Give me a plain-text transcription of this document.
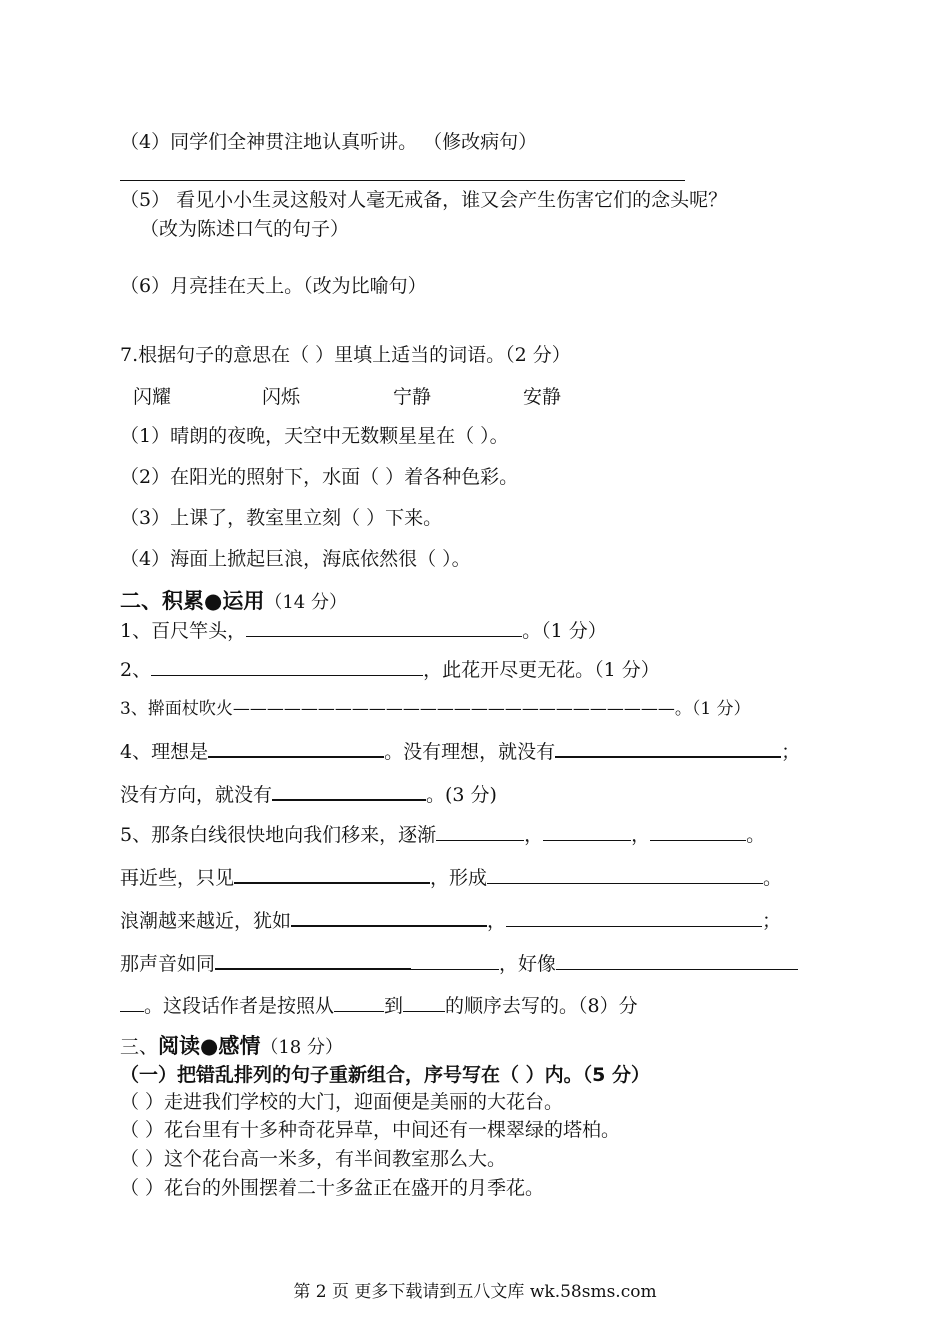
（4）同学们全神贯注地认真听讲。 （修改病句）
（5） 看见小小生灵这般对人毫无戒备，谁又会产生伤害它们的念头呢？
（改为陈述口气的句子）
（6）月亮挂在天上。（改为比喻句）
7.根据句子的意思在（ ）里填上适当的词语。（2 分）
闪耀	闪烁	宁静	安静
（1）晴朗的夜晚，天空中无数颗星星在（ ）。
（2）在阳光的照射下，水面（ ）着各种色彩。
（3）上课了，教室里立刻（ ）下来。
（4）海面上掀起巨浪，海底依然很（ ）。
二、积累●运用（14 分）
1、百尺竿头，	。（1 分）
2、	，此花开尽更无花。（1 分）
3、擀面杖吹火——————————————————————————。（1 分）
4、理想是	。没有理想，就没有	；
没有方向，就没有	。(3 分)
5、那条白线很快地向我们移来，逐渐	，	，	。
再近些，只见	，形成	。
浪潮越来越近，犹如	，	；
那声音如同	，好像
。这段话作者是按照从	到 的顺序去写的。（8）分
三、阅读●感情（18 分）
（一）把错乱排列的句子重新组合，序号写在（ ）内。（5 分）
（ ）走进我们学校的大门，迎面便是美丽的大花台。
（ ）花台里有十多种奇花异草，中间还有一棵翠绿的塔柏。
（ ）这个花台高一米多，有半间教室那么大。
（ ）花台的外围摆着二十多盆正在盛开的月季花。
第 2 页 更多下载请到五八文库 wk.58sms.com
